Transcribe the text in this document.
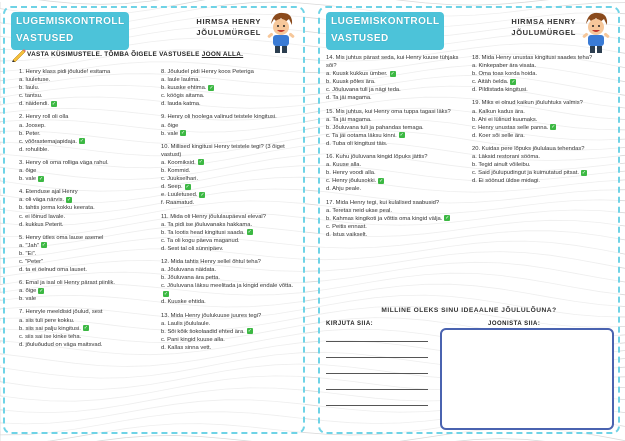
LUGEMISKONTROLL
VASTUSED
HIRMSA HENRY
JÕULUMÜRGEL
VASTA KÜSIMUSTELE. TÕMBA ÕIGELE VASTUSELE JOON ALLA.
1. Henry klass pidi jõulude! esitama
a. luuletuse.
b. laulu.
c. tantsu.
d. näidendi. ✓
2. Henry roll oli olla
a. Joosep.
b. Peter.
c. võõrastemajapidaja. ✓
d. rohuliblе.
3. Henry oli oma rolliga väga rahul.
a. õige
b. vale ✓
4. Etenduse ajal Henry
a. oli väga närvis. ✓
b. tahtis jorma kokku keerata.
c. ei lõinud lavale.
d. kukkus Peterit.
5. Henry ütles oma lause asemel
a. "Jah" ✓
b. "Ei".
c. "Peter"
d. ta ei öelnud oma lauset.
6. Emal ja isal oli Henry pärast piinlik.
a. õige ✓
b. vale
7. Henryle meeldisid jõulud, sest
a. siis tuli pere kokku.
b. siis sai palju kingitusi. ✓
c. siis sai ise kinke teha.
d. jõuluõudud on väga maitsvad.
8. Jõuludel pidi Henry koos Peteriga
a. laule laulma.
b. kuuske ehtima. ✓
c. köögis aitama.
d. lauda katma.
9. Henry oli hoolega valinud teistele kingitusi.
a. õige
b. vale ✓
10. Millised kingitusi Henry teistele tegi? (3 õiget vastust)
a. Koomiksid. ✓
b. Kommid.
c. Juukselhari.
d. Seep. ✓
e. Luuletused. ✓
f. Raamatud.
11. Mida oli Henry jõululaupäeval eleval?
a. Ta pidi ise jõuluvanaks hakkama.
b. Ta lootis head kingitusi saada. ✓
c. Ta oli kogu päeva maganud.
d. Sest tal oli sünnipäev.
12. Mida tahtis Henry sellel õhtul teha?
a. Jõuluvana näidata.
b. Jõuluvana ära petta.
c. Jõuluvana läksu meelitada ja kingid endale võtta.✓
d. Kuuske ehtida.
13. Mida Henry jõulukuuse juures tegi?
a. Laulis jõululaule.
b. Sõi kõik šokolaadid ehted ära. ✓
c. Pani kingid kuuse alla.
d. Kallas sinna vett.
LUGEMISKONTROLL
VASTUSED
HIRMSA HENRY
JÕULUMÜRGEL
14. Mis juhtus pärast seda, kui Henry kuuse tühjaks sõi?
a. Kuusk kukkus ümber. ✓
b. Kuusk põles ära.
c. Jõuluvana tuli ja nägi teda.
d. Ta jäi magama.
15. Mis juhtus, kui Henry oma tuppa tagasi läks?
a. Ta jäi magama.
b. Jõuluvana tuli ja pahandas temaga.
c. Ta jäi ootama läksu kinni. ✓
d. Tuba oli kingitusi täis.
16. Kuhu jõuluvana kingid lõpuks jättis?
a. Kuuse alla.
b. Henry voodi alla.
c. Henry jõulusokki. ✓
d. Ahju peale.
17. Mida Henry tegi, kui kulalised saabusid?
a. Teretas neid ukse peal.
b. Kahmas kingikoti ja võttis oma kingid välja. ✓
c. Peitis ennast.
d. Istus vaikselt.
18. Mida Henry unustas kingitusi saades teha?
a. Kinkepaber ära visata.
b. Oma toas korda hoida.
c. Aitäh öelda. ✓
d. Pildistada kingitusi.
19. Miks ei olnud kaikun jõuluhtuks valmis?
a. Kalkun kadus ära.
b. Ahi ei lülinud kuumaks.
c. Henry unustas selle panna. ✓
d. Koer sõi selle ära.
20. Kuidas pere lõpuks jõululaua tehendas?
a. Läksid restorani sööma.
b. Tegid ainult võileibu.
c. Said jõulupudingut ja kuimutatud pitsat. ✓
d. Ei söönud üldse midagi.
MILLINE OLEKS SINU IDEAALNE JÕULULÕUNA?
KIRJUTA SIIA:	JOONISTA SIIA:
